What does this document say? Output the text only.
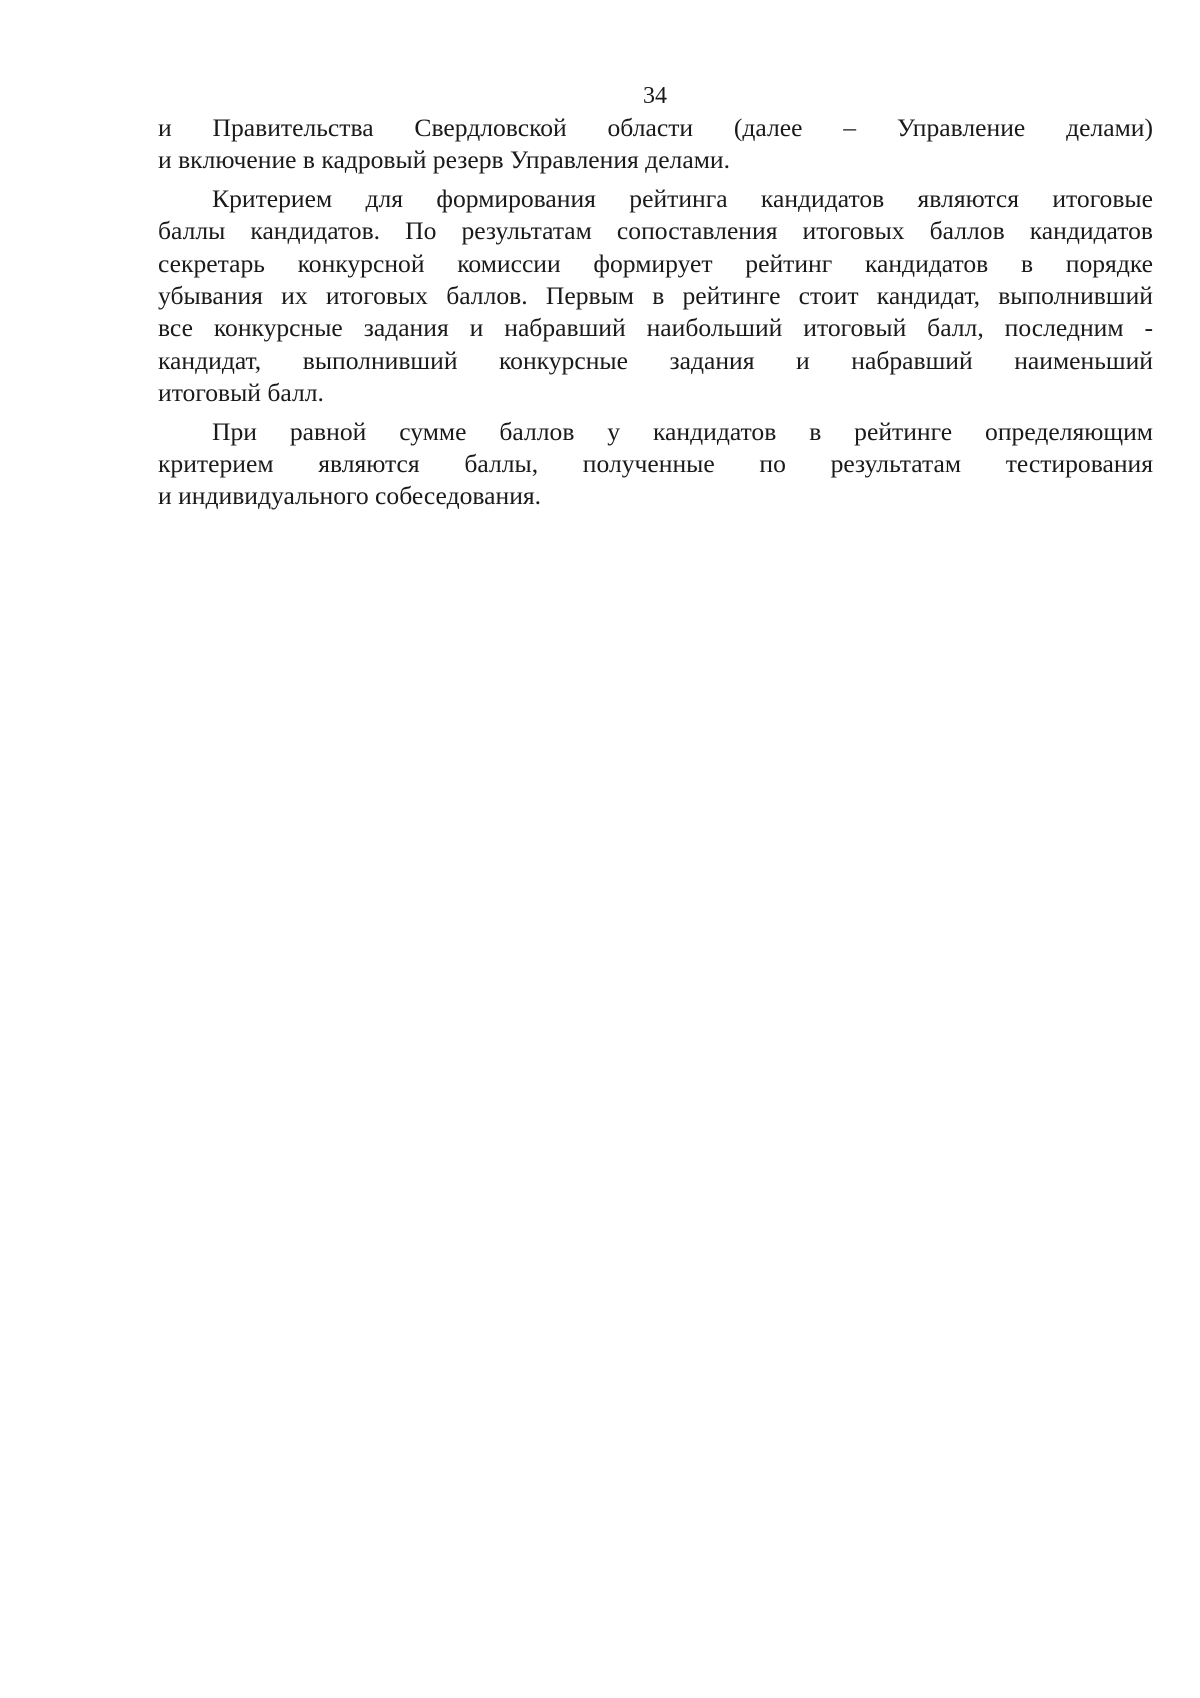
34
и Правительства Свердловской области (далее – Управление делами)
и включение в кадровый резерв Управления делами.
Критерием для формирования рейтинга кандидатов являются итоговые
баллы кандидатов. По результатам сопоставления итоговых баллов кандидатов
секретарь конкурсной комиссии формирует рейтинг кандидатов в порядке
убывания их итоговых баллов. Первым в рейтинге стоит кандидат, выполнивший
все конкурсные задания и набравший наибольший итоговый балл, последним -
кандидат, выполнивший конкурсные задания и набравший наименьший
итоговый балл.
При равной сумме баллов у кандидатов в рейтинге определяющим
критерием являются баллы, полученные по результатам тестирования
и индивидуального собеседования.
